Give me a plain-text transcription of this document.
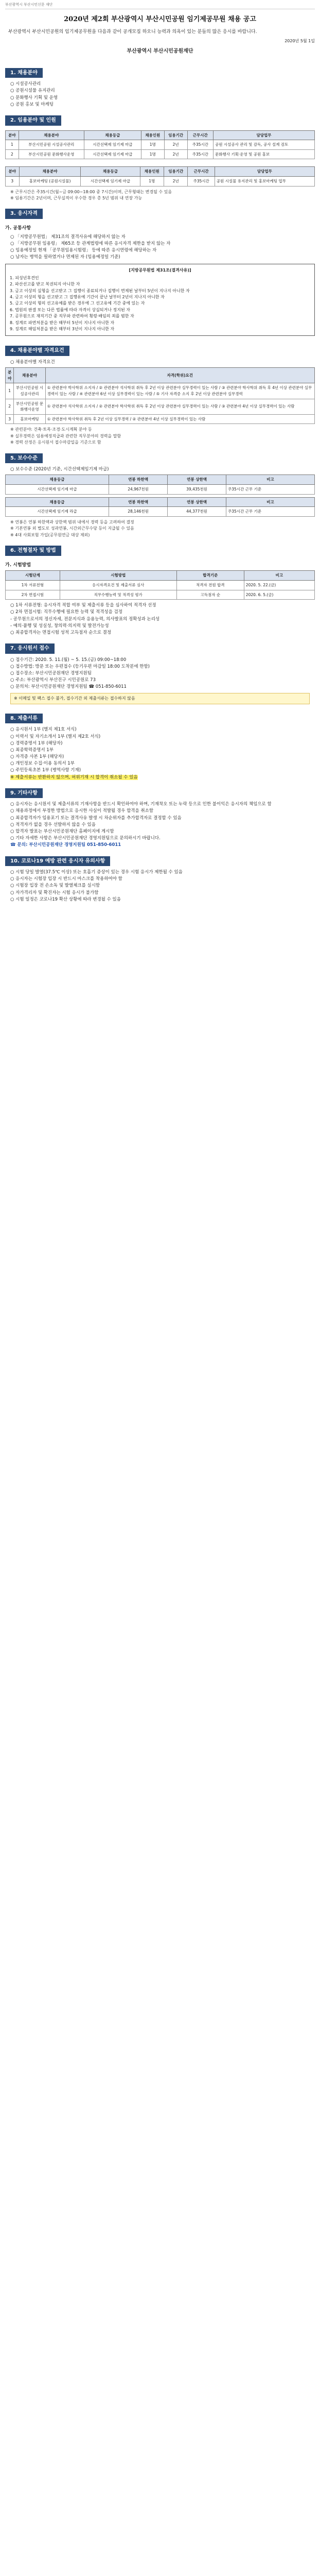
부산광역시 부산시민신문 재단
2020년 제2회 부산광역시 부산시민공원 임기제공무원 채용 공고
부산광역시 부산시민공원의 임기제공무원을 다음과 같이 공개모집 하오니 능력과 의욕이 있는 분들의 많은 응시를 바랍니다.
2020년 5월 1일
부산광역시 부산시민공원재단
1. 채용분야
○ 시설공사관리
○ 공원시설물 유지관리
○ 문화행사 기획 및 운영
○ 공원 홍보 및 마케팅
2. 임용분야 및 인원
분야	채용분야	채용등급	채용인원	임용기간	근무시간	담당업무
1	부산시민공원 시설공사관리	시간선택제 임기제 마급	1명	2년	주35시간	공원 시설공사 관리 및 감독, 공사 설계 검토
2	부산시민공원 문화행사운영	시간선택제 임기제 마급	1명	2년	주35시간	문화행사 기획·운영 및 공원 홍보
분야	채용분야	채용등급	채용인원	임용기간	근무시간	담당업무
3	홍보마케팅 (공원시설물)	시간선택제 임기제 마급	1명	2년	주35시간	공원 시설물 유지관리 및 홍보마케팅 업무
※ 근무시간은 주35시간(월~금 09:00~18:00 중 7시간)이며, 근무형태는 변경될 수 있음
※ 임용기간은 2년이며, 근무실적이 우수한 경우 총 5년 범위 내 연장 가능
3. 응시자격
가. 공통사항
○ 「지방공무원법」 제31조의 결격사유에 해당하지 않는 자
○ 「지방공무원 임용령」 제65조 등 관계법령에 따른 응시자격 제한을 받지 않는 자
○ 임용예정일 현재 「공무원임용시험령」 등에 따른 응시연령에 해당하는 자
○ 남자는 병역을 필하였거나 면제된 자 (임용예정일 기준)
[지방공무원법 제31조(결격사유)]
1. 피성년후견인
2. 파산선고를 받고 복권되지 아니한 자
3. 금고 이상의 실형을 선고받고 그 집행이 종료되거나 집행이 면제된 날부터 5년이 지나지 아니한 자
4. 금고 이상의 형을 선고받고 그 집행유예 기간이 끝난 날부터 2년이 지나지 아니한 자
5. 금고 이상의 형의 선고유예를 받은 경우에 그 선고유예 기간 중에 있는 자
6. 법원의 판결 또는 다른 법률에 따라 자격이 상실되거나 정지된 자
7. 공무원으로 재직기간 중 직무와 관련하여 횡령·배임의 죄를 범한 자
8. 징계로 파면처분을 받은 때부터 5년이 지나지 아니한 자
9. 징계로 해임처분을 받은 때부터 3년이 지나지 아니한 자
4. 채용분야별 자격요건
○ 채용분야별 자격요건
분야	채용분야	자격(학위)요건
1	부산시민공원 시설공사관리	① 관련분야 박사학위 소지자 / ② 관련분야 석사학위 취득 후 2년 이상 관련분야 실무경력이 있는 사람 / ③ 관련분야 학사학위 취득 후 4년 이상 관련분야 실무경력이 있는 사람 / ④ 관련분야 6년 이상 실무경력이 있는 사람 / ⑤ 기사 자격증 소지 후 2년 이상 관련분야 실무경력
2	부산시민공원 문화행사운영	① 관련분야 석사학위 소지자 / ② 관련분야 학사학위 취득 후 2년 이상 관련분야 실무경력이 있는 사람 / ③ 관련분야 4년 이상 실무경력이 있는 사람
3	홍보마케팅	① 관련분야 학사학위 취득 후 2년 이상 실무경력 / ② 관련분야 4년 이상 실무경력이 있는 사람
※ 관련분야: 건축·토목·조경·도시계획 분야 등
※ 실무경력은 임용예정직급과 관련한 직무분야의 경력을 말함
※ 경력 산정은 응시원서 접수마감일을 기준으로 함
5. 보수수준
○ 보수수준 (2020년 기준, 시간선택제임기제 마급)
채용등급	연봉 하한액	연봉 상한액	비고
시간선택제 임기제 마급	24,967천원	39,435천원	주35시간 근무 기준
채용등급	연봉 하한액	연봉 상한액	비고
시간선택제 임기제 라급	28,146천원	44,377천원	주35시간 근무 기준
※ 연봉은 연봉 하한액과 상한액 범위 내에서 경력 등을 고려하여 결정
※ 기본연봉 외 별도로 성과연봉, 시간외근무수당 등이 지급될 수 있음
※ 4대 사회보험 가입(공무원연금 대상 제외)
6. 전형절차 및 방법
가. 시험방법
시험단계	시험방법	합격기준	비고
1차 서류전형	응시자격요건 및 제출서류 심사	적격자 전원 합격	2020. 5. 22.(금)
2차 면접시험	직무수행능력 및 적격성 평가	고득점자 순	2020. 6. 5.(금)
○ 1차 서류전형: 응시자격 적합 여부 및 제출서류 등을 심사하여 적격자 선정
○ 2차 면접시험: 직무수행에 필요한 능력 및 적격성을 검정
- 공무원으로서의 정신자세, 전문지식과 응용능력, 의사발표의 정확성과 논리성
- 예의·품행 및 성실성, 창의력·의지력 및 발전가능성
○ 최종합격자는 면접시험 성적 고득점자 순으로 결정
7. 응시원서 접수
○ 접수기간: 2020. 5. 11.(월) ~ 5. 15.(금) 09:00~18:00
○ 접수방법: 방문 또는 우편접수 (등기우편 마감일 18:00 도착분에 한함)
○ 접수장소: 부산시민공원재단 경영지원팀
○ 주소: 부산광역시 부산진구 시민공원로 73
○ 문의처: 부산시민공원재단 경영지원팀 ☎ 051-850-6011
※ 이메일 및 팩스 접수 불가, 접수기간 외 제출서류는 접수하지 않음
8. 제출서류
○ 응시원서 1부 (별지 제1호 서식)
○ 이력서 및 자기소개서 1부 (별지 제2호 서식)
○ 경력증명서 1부 (해당자)
○ 최종학력증명서 1부
○ 자격증 사본 1부 (해당자)
○ 개인정보 수집·이용 동의서 1부
○ 주민등록초본 1부 (병역사항 기재)
※ 제출서류는 반환하지 않으며, 허위기재 시 합격이 취소될 수 있음
9. 기타사항
○ 응시자는 응시원서 및 제출서류의 기재사항을 반드시 확인하여야 하며, 기재착오 또는 누락 등으로 인한 불이익은 응시자의 책임으로 함
○ 채용과정에서 부정한 방법으로 응시한 사실이 적발될 경우 합격을 취소함
○ 최종합격자가 임용포기 또는 결격사유 발생 시 차순위자를 추가합격자로 결정할 수 있음
○ 적격자가 없을 경우 선발하지 않을 수 있음
○ 합격자 발표는 부산시민공원재단 홈페이지에 게시함
○ 기타 자세한 사항은 부산시민공원재단 경영지원팀으로 문의하시기 바랍니다.
☎ 문의: 부산시민공원재단 경영지원팀 051-850-6011
10. 코로나19 예방 관련 응시자 유의사항
○ 시험 당일 발열(37.5℃ 이상) 또는 호흡기 증상이 있는 경우 시험 응시가 제한될 수 있음
○ 응시자는 시험장 입장 시 반드시 마스크를 착용하여야 함
○ 시험장 입장 전 손소독 및 발열체크를 실시함
○ 자가격리자 및 확진자는 시험 응시가 불가함
○ 시험 일정은 코로나19 확산 상황에 따라 변경될 수 있음
